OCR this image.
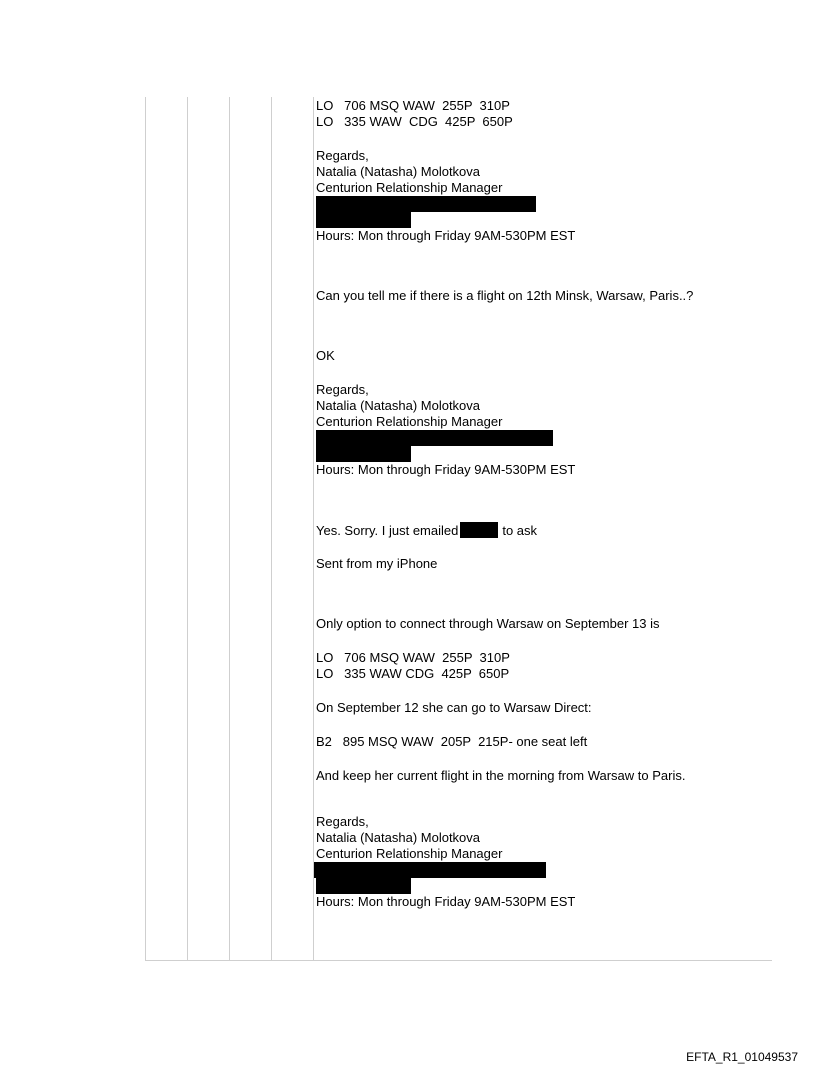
LO   706 MSQ WAW  255P  310P
LO   335 WAW  CDG  425P  650P
Regards,
Natalia (Natasha) Molotkova
Centurion Relationship Manager
Hours: Mon through Friday 9AM-530PM EST
Can you tell me if there is a flight on 12th Minsk, Warsaw, Paris..?
OK
Regards,
Natalia (Natasha) Molotkova
Centurion Relationship Manager
Hours: Mon through Friday 9AM-530PM EST
Yes. Sorry. I just emailed	to ask
Sent from my iPhone
Only option to connect through Warsaw on September 13 is
LO   706 MSQ WAW  255P  310P
LO   335 WAW CDG  425P  650P
On September 12 she can go to Warsaw Direct:
B2   895 MSQ WAW  205P  215P- one seat left
And keep her current flight in the morning from Warsaw to Paris.
Regards,
Natalia (Natasha) Molotkova
Centurion Relationship Manager
Hours: Mon through Friday 9AM-530PM EST
EFTA_R1_01049537
